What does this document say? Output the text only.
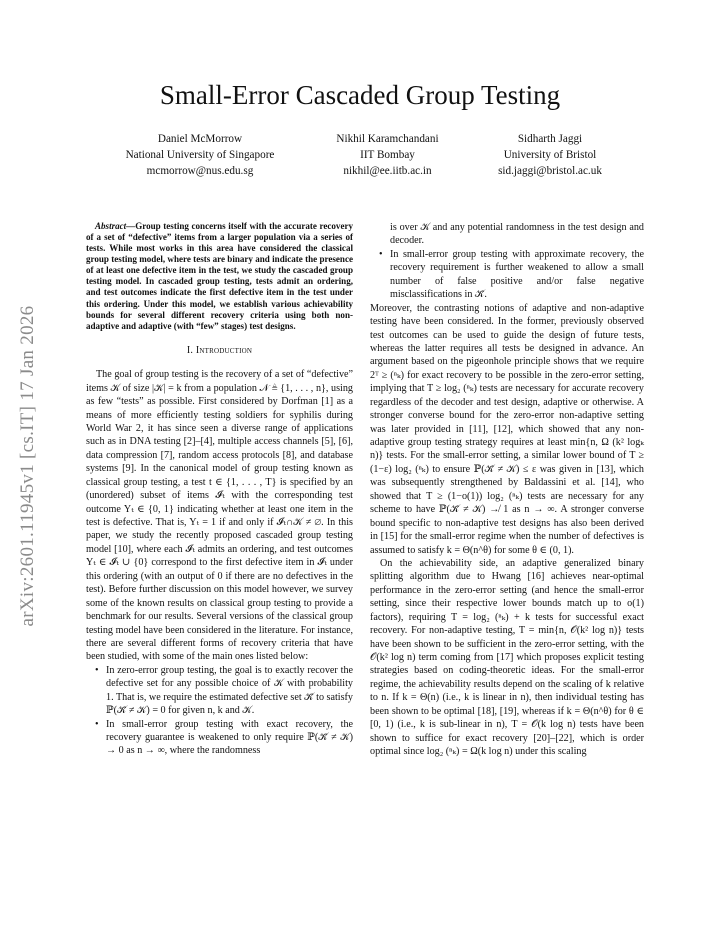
arXiv:2601.11945v1 [cs.IT] 17 Jan 2026
Small-Error Cascaded Group Testing
Daniel McMorrow
National University of Singapore
mcmorrow@nus.edu.sg
Nikhil Karamchandani
IIT Bombay
nikhil@ee.iitb.ac.in
Sidharth Jaggi
University of Bristol
sid.jaggi@bristol.ac.uk

Abstract—Group testing concerns itself with the accurate recovery of a set of “defective” items from a larger population via a series of tests. While most works in this area have considered the classical group testing model, where tests are binary and indicate the presence of at least one defective item in the test, we study the cascaded group testing model. In cascaded group testing, tests admit an ordering, and test outcomes indicate the first defective item in the test under this ordering. Under this model, we establish various achievability bounds for several different recovery criteria using both non-adaptive and adaptive (with “few” stages) test designs.

I. Introduction

The goal of group testing is the recovery of a set of “defective” items 𝒦 of size |𝒦| = k from a population 𝒩 ≜ {1, . . . , n}, using as few “tests” as possible. First considered by Dorfman [1] as a means of more efficiently testing soldiers for syphilis during World War 2, it has since seen a diverse range of applications such as in DNA testing [2]–[4], multiple access channels [5], [6], data compression [7], random access protocols [8], and database systems [9]. In the canonical model of group testing known as classical group testing, a test t ∈ {1, . . . , T} is specified by an (unordered) subset of items 𝓘ₜ with the corresponding test outcome Yₜ ∈ {0, 1} indicating whether at least one item in the test is defective. That is, Yₜ = 1 if and only if 𝓘ₜ∩𝒦 ≠ ∅. In this paper, we study the recently proposed cascaded group testing model [10], where each 𝓘ₜ admits an ordering, and test outcomes Yₜ ∈ 𝓘ₜ ∪ {0} correspond to the first defective item in 𝓘ₜ under this ordering (with an output of 0 if there are no defectives in the test). Before further discussion on this model however, we survey some of the known results on classical group testing to provide a benchmark for our results. Several versions of the classical group testing model have been considered in the literature. For instance, there are several different forms of recovery criteria that have been studied, with some of the main ones listed below:

• In zero-error group testing, the goal is to exactly recover the defective set for any possible choice of 𝒦 with probability 1. That is, we require the estimated defective set 𝒦̂ to satisfy ℙ(𝒦̂ ≠ 𝒦) = 0 for given n, k and 𝒦.
• In small-error group testing with exact recovery, the recovery guarantee is weakened to only require ℙ(𝒦̂ ≠ 𝒦) → 0 as n → ∞, where the randomness
is over 𝒦 and any potential randomness in the test design and decoder.
• In small-error group testing with approximate recovery, the recovery requirement is further weakened to allow a small number of false positive and/or false negative misclassifications in 𝒦̂.

Moreover, the contrasting notions of adaptive and non-adaptive testing have been considered. In the former, previously observed test outcomes can be used to guide the design of future tests, whereas the latter requires all tests be designed in advance. An argument based on the pigeonhole principle shows that we require 2ᵀ ≥ (ⁿₖ) for exact recovery to be possible in the zero-error setting, implying that T ≥ log₂ (ⁿₖ) tests are necessary for accurate recovery regardless of the decoder and test design, adaptive or otherwise. A stronger converse bound for the zero-error non-adaptive setting was later provided in [11], [12], which showed that any non-adaptive group testing strategy requires at least min{n, Ω (k² logₖ n)} tests. For the small-error setting, a similar lower bound of T ≥ (1−ε) log₂ (ⁿₖ) to ensure ℙ(𝒦̂ ≠ 𝒦) ≤ ε was given in [13], which was subsequently strengthened by Baldassini et al. [14], who showed that T ≥ (1−o(1)) log₂ (ⁿₖ) tests are necessary for any scheme to have ℙ(𝒦̂ ≠ 𝒦) ↛ 1 as n → ∞. A stronger converse bound specific to non-adaptive test designs has also been derived in [15] for the small-error regime when the number of defectives is assumed to satisfy k = Θ(n^θ) for some θ ∈ (0, 1).

On the achievability side, an adaptive generalized binary splitting algorithm due to Hwang [16] achieves near-optimal performance in the zero-error setting (and hence the small-error setting, since their respective lower bounds match up to o(1) factors), requiring T = log₂ (ⁿₖ) + k tests for successful exact recovery. For non-adaptive testing, T = min{n, 𝒪(k² log n)} tests have been shown to be sufficient in the zero-error setting, with the 𝒪(k² log n) term coming from [17] which proposes explicit testing strategies based on coding-theoretic ideas. For the small-error regime, the achievability results depend on the scaling of k relative to n. If k = Θ(n) (i.e., k is linear in n), then individual testing has been shown to be optimal [18], [19], whereas if k = Θ(n^θ) for θ ∈ [0, 1) (i.e., k is sub-linear in n), T = 𝒪(k log n) tests have been shown to suffice for exact recovery [20]–[22], which is order optimal since log₂ (ⁿₖ) = Ω(k log n) under this scaling
